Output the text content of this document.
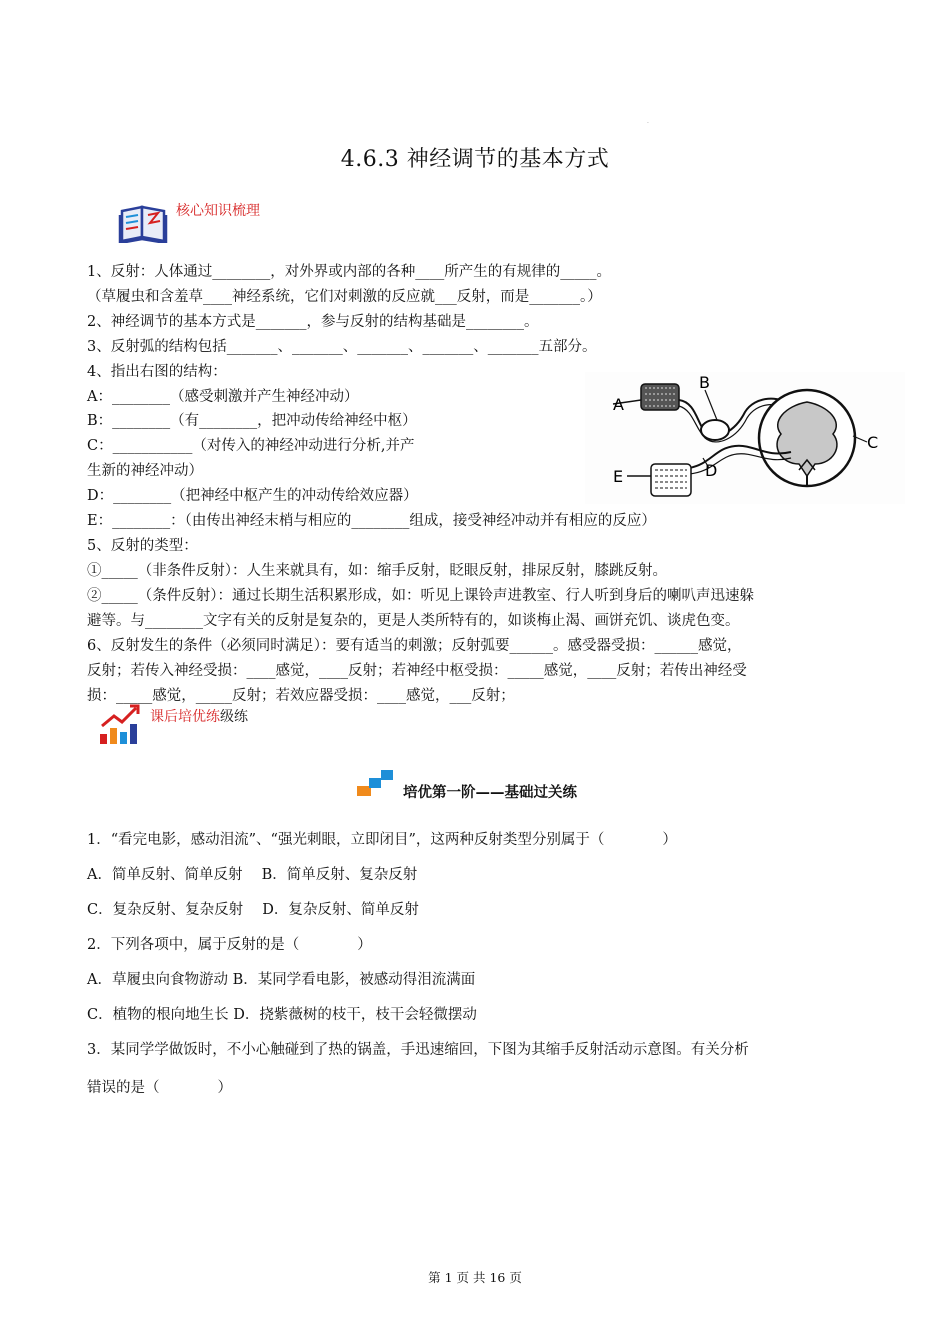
·
4.6.3 神经调节的基本方式
核心知识梳理
1、反射：人体通过________，对外界或内部的各种____所产生的有规律的_____。
（草履虫和含羞草____神经系统，它们对刺激的反应就___反射，而是_______。）
2、神经调节的基本方式是_______，参与反射的结构基础是________。
3、反射弧的结构包括_______、_______、_______、_______、_______五部分。
4、指出右图的结构：
A：________（感受刺激并产生神经冲动）
B：________（有________，把冲动传给神经中枢）
C：___________（对传入的神经冲动进行分析,并产
生新的神经冲动）
D：________（把神经中枢产生的冲动传给效应器）
E：________：（由传出神经末梢与相应的________组成，接受神经冲动并有相应的反应）
5、反射的类型：
①_____（非条件反射）：人生来就具有，如：缩手反射，眨眼反射，排尿反射，膝跳反射。
②_____（条件反射）：通过长期生活积累形成，如：听见上课铃声进教室、行人听到身后的喇叭声迅速躲
避等。与________文字有关的反射是复杂的，更是人类所特有的，如谈梅止渴、画饼充饥、谈虎色变。
6、反射发生的条件（必须同时满足）：要有适当的刺激；反射弧要______。感受器受损：______感觉，
反射；若传入神经受损：____感觉，____反射；若神经中枢受损：_____感觉，____反射；若传出神经受
损：_____感觉，_____反射；若效应器受损：____感觉，___反射；
A
B
C
D
E
课后培优练级练
培优第一阶——基础过关练
1．“看完电影，感动泪流”、“强光刺眼，立即闭目”，这两种反射类型分别属于（　　　　）
A．简单反射、简单反射　 B．简单反射、复杂反射
C．复杂反射、复杂反射　 D．复杂反射、简单反射
2．下列各项中，属于反射的是（　　　　）
A．草履虫向食物游动 B．某同学看电影，被感动得泪流满面
C．植物的根向地生长 D．挠紫薇树的枝干，枝干会轻微摆动
3．某同学学做饭时，不小心触碰到了热的锅盖，手迅速缩回，下图为其缩手反射活动示意图。有关分析
错误的是（　　　　）
第 1 页 共 16 页
